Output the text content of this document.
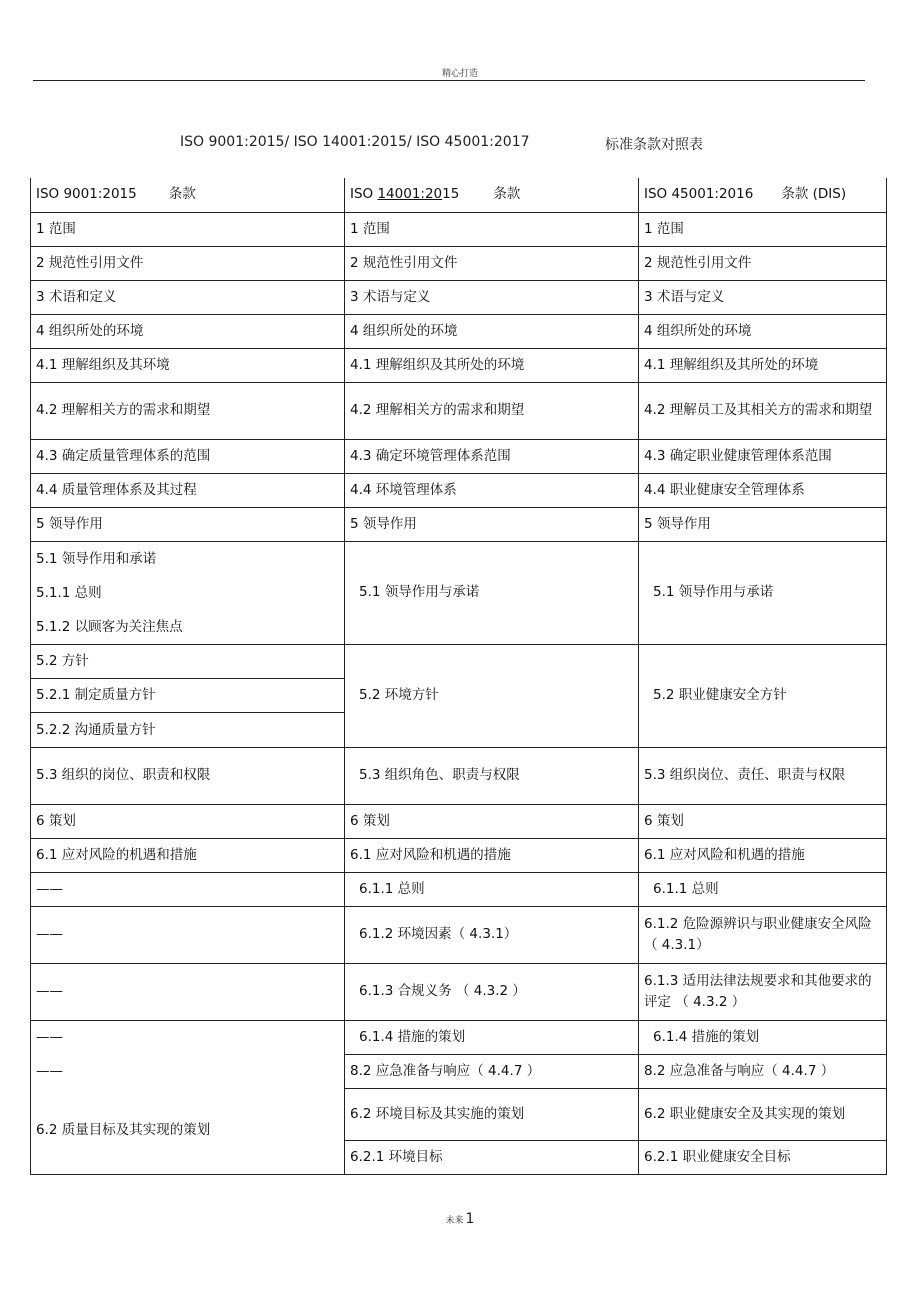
精心打造
ISO 9001:2015/ ISO 14001:2015/ ISO 45001:2017	标准条款对照表
ISO 9001:2015 条款	ISO 14001:2015 条款	ISO 45001:2016 条款 (DIS)
1 范围	1 范围	1 范围
2 规范性引用文件	2 规范性引用文件	2 规范性引用文件
3 术语和定义	3 术语与定义	3 术语与定义
4 组织所处的环境	4 组织所处的环境	4 组织所处的环境
4.1 理解组织及其环境	4.1 理解组织及其所处的环境	4.1 理解组织及其所处的环境
4.2 理解相关方的需求和期望	4.2 理解相关方的需求和期望	4.2 理解员工及其相关方的需求和期望
4.3 确定质量管理体系的范围	4.3 确定环境管理体系范围	4.3 确定职业健康管理体系范围
4.4 质量管理体系及其过程	4.4 环境管理体系	4.4 职业健康安全管理体系
5 领导作用	5 领导作用	5 领导作用

5.1 领导作用和承诺
5.1.1 总则
5.1.2 以顾客为关注焦点	5.1 领导作用与承诺	5.1 领导作用与承诺

5.2 方针
5.2.1 制定质量方针
5.2.2 沟通质量方针	5.2 环境方针	5.2 职业健康安全方针
5.3 组织的岗位、职责和权限	5.3 组织角色、职责与权限	5.3 组织岗位、责任、职责与权限
6 策划	6 策划	6 策划
6.1 应对风险的机遇和措施	6.1 应对风险和机遇的措施	6.1 应对风险和机遇的措施
——	6.1.1 总则	6.1.1 总则
——	6.1.2 环境因素（ 4.3.1）	6.1.2 危险源辨识与职业健康安全风险（ 4.3.1）
——	6.1.3 合规义务 （ 4.3.2 ）	6.1.3 适用法律法规要求和其他要求的评定 （ 4.3.2 ）
——	6.1.4 措施的策划	6.1.4 措施的策划
——	8.2 应急准备与响应（ 4.4.7 ）	8.2 应急准备与响应（ 4.4.7 ）
6.2 质量目标及其实现的策划	6.2 环境目标及其实施的策划	6.2 职业健康安全及其实现的策划
	6.2.1 环境目标	6.2.1 职业健康安全目标
未来 1
